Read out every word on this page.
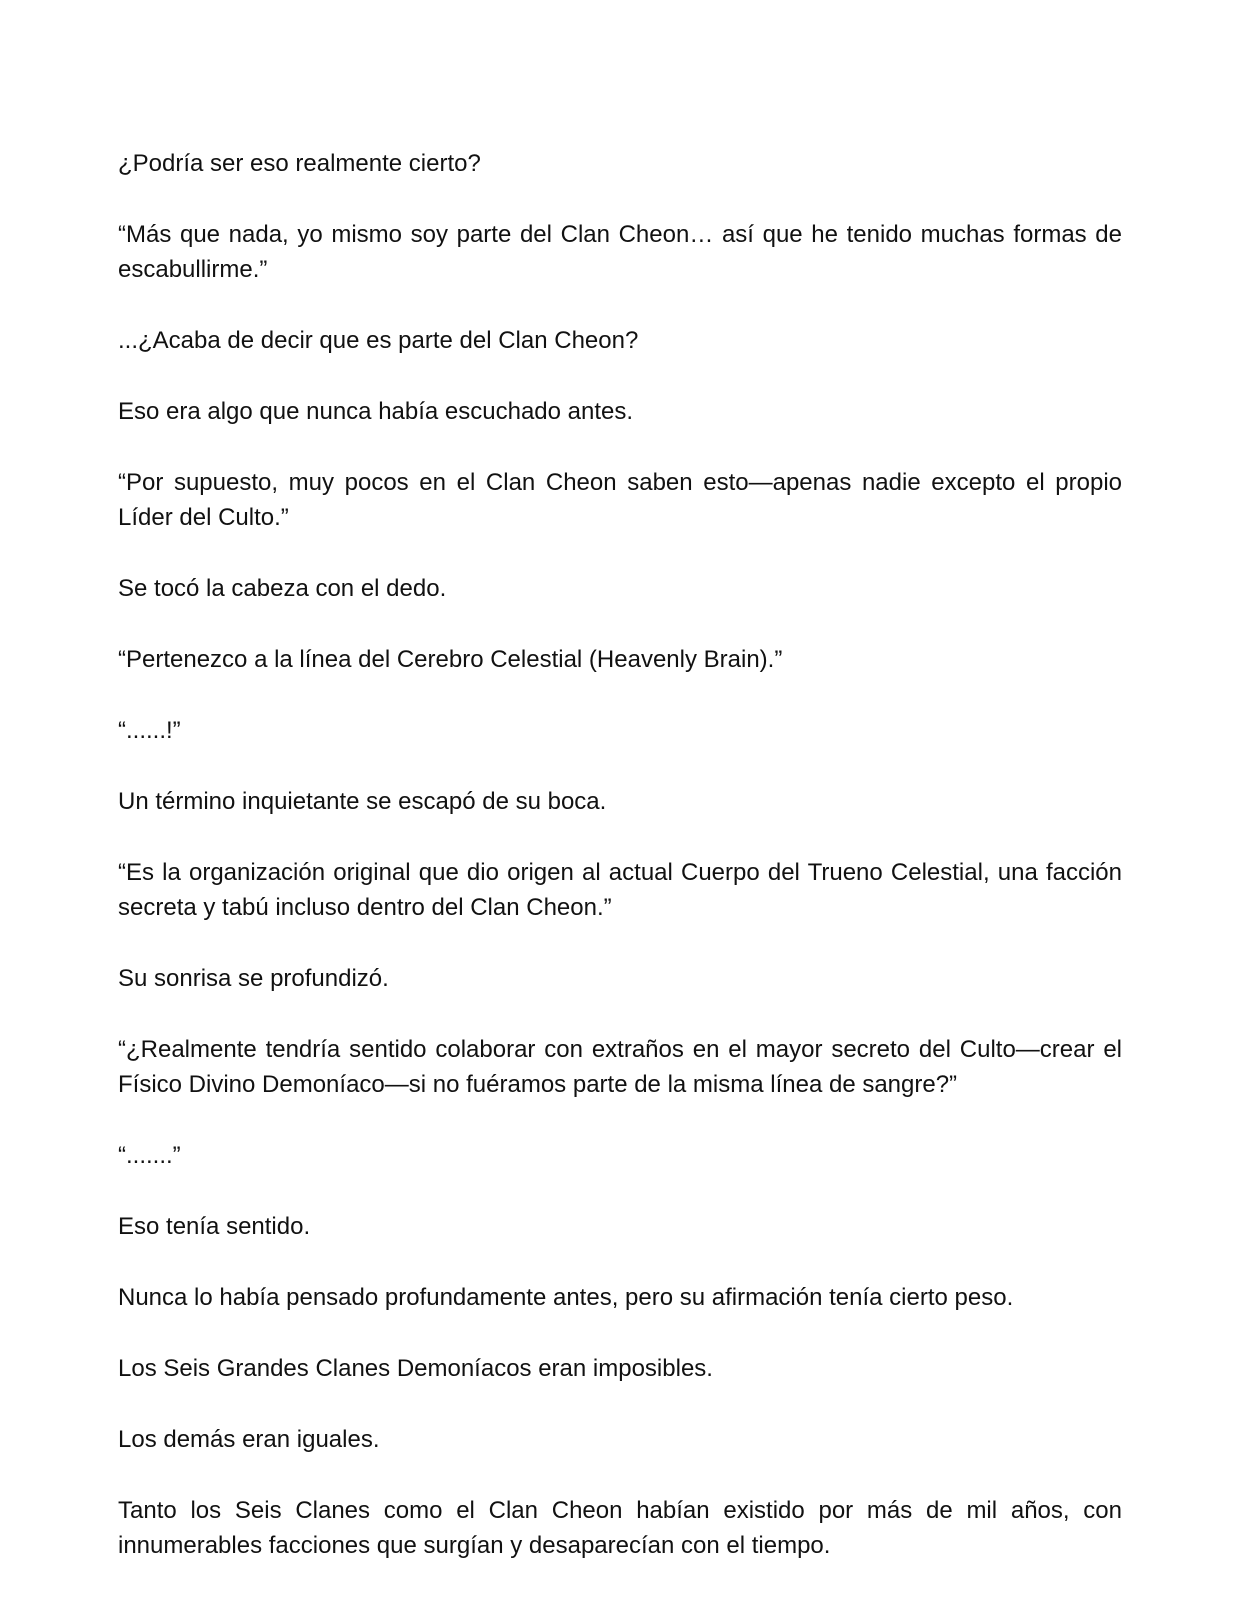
¿Podría ser eso realmente cierto?

“Más que nada, yo mismo soy parte del Clan Cheon… así que he tenido muchas formas de escabullirme.”

...¿Acaba de decir que es parte del Clan Cheon?

Eso era algo que nunca había escuchado antes.

“Por supuesto, muy pocos en el Clan Cheon saben esto—apenas nadie excepto el propio Líder del Culto.”

Se tocó la cabeza con el dedo.

“Pertenezco a la línea del Cerebro Celestial (Heavenly Brain).”

“......!”

Un término inquietante se escapó de su boca.

“Es la organización original que dio origen al actual Cuerpo del Trueno Celestial, una facción secreta y tabú incluso dentro del Clan Cheon.”

Su sonrisa se profundizó.

“¿Realmente tendría sentido colaborar con extraños en el mayor secreto del Culto—crear el Físico Divino Demoníaco—si no fuéramos parte de la misma línea de sangre?”

“.......”

Eso tenía sentido.

Nunca lo había pensado profundamente antes, pero su afirmación tenía cierto peso.

Los Seis Grandes Clanes Demoníacos eran imposibles.

Los demás eran iguales.

Tanto los Seis Clanes como el Clan Cheon habían existido por más de mil años, con innumerables facciones que surgían y desaparecían con el tiempo.
